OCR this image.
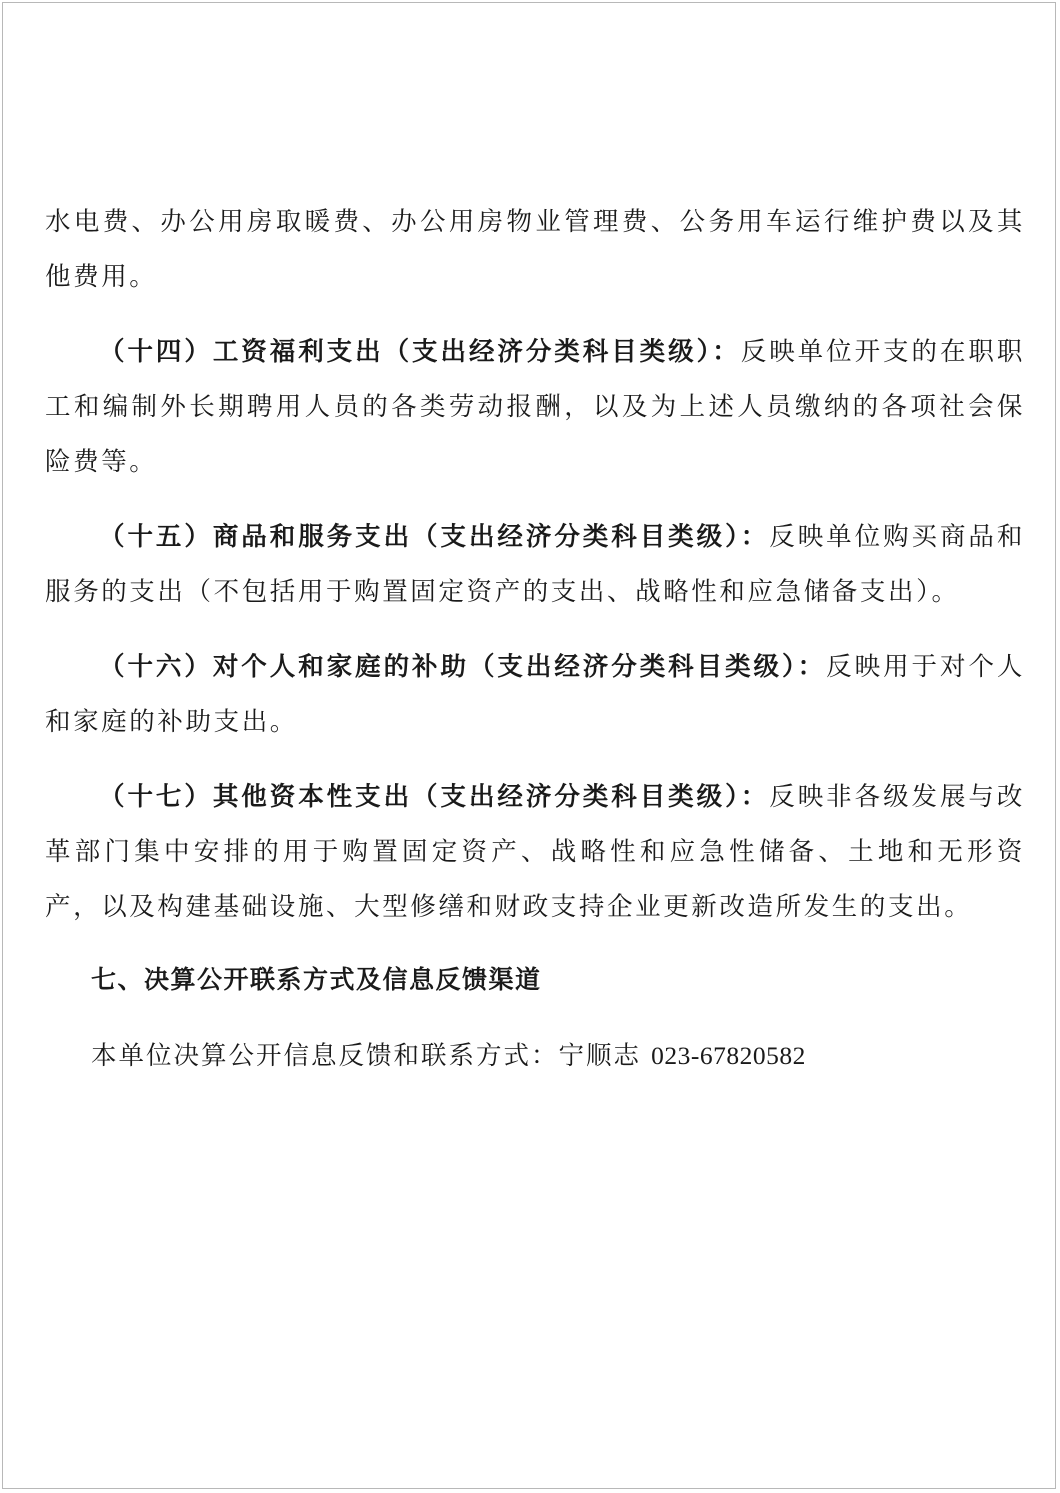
水电费、办公用房取暖费、办公用房物业管理费、公务用车运行维护费以及其他费用。

（十四）工资福利支出（支出经济分类科目类级）：反映单位开支的在职职工和编制外长期聘用人员的各类劳动报酬，以及为上述人员缴纳的各项社会保险费等。

（十五）商品和服务支出（支出经济分类科目类级）：反映单位购买商品和服务的支出（不包括用于购置固定资产的支出、战略性和应急储备支出）。

（十六）对个人和家庭的补助（支出经济分类科目类级）：反映用于对个人和家庭的补助支出。

（十七）其他资本性支出（支出经济分类科目类级）：反映非各级发展与改革部门集中安排的用于购置固定资产、战略性和应急性储备、土地和无形资产，以及构建基础设施、大型修缮和财政支持企业更新改造所发生的支出。

七、决算公开联系方式及信息反馈渠道

本单位决算公开信息反馈和联系方式：宁顺志 023-67820582
